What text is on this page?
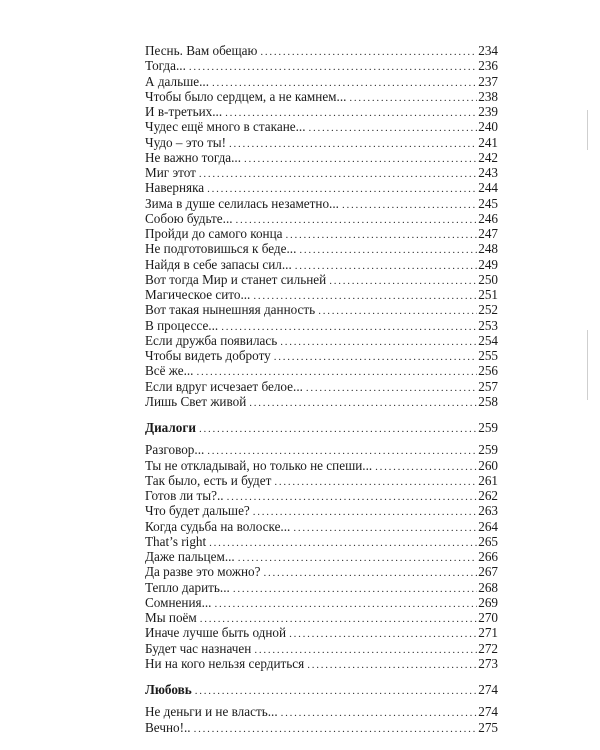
Песнь. Вам обещаю . . .	234
Тогда... . . .	236
А дальше... . . .	237
Чтобы было сердцем, а не камнем... . . .	238
И в-третьих... . . .	239
Чудес ещё много в стакане... . . .	240
Чудо – это ты! . . .	241
Не важно тогда... . . .	242
Миг этот . . .	243
Наверняка . . .	244
Зима в душе селилась незаметно... . . .	245
Собою будьте... . . .	246
Пройди до самого конца . . .	247
Не подготовишься к беде... . . .	248
Найдя в себе запасы сил... . . .	249
Вот тогда Мир и станет сильней . . .	250
Магическое сито... . . .	251
Вот такая нынешняя данность . . .	252
В процессе... . . .	253
Если дружба появилась . . .	254
Чтобы видеть доброту . . .	255
Всё же... . . .	256
Если вдруг исчезает белое... . . .	257
Лишь Свет живой . . .	258
Диалоги . . .	259
Разговор... . . .	259
Ты не откладывай, но только не спеши... . . .	260
Так было, есть и будет . . .	261
Готов ли ты?.. . . .	262
Что будет дальше? . . .	263
Когда судьба на волоске... . . .	264
That’s right . . .	265
Даже пальцем... . . .	266
Да разве это можно? . . .	267
Тепло дарить... . . .	268
Сомнения... . . .	269
Мы поём . . .	270
Иначе лучше быть одной . . .	271
Будет час назначен . . .	272
Ни на кого нельзя сердиться . . .	273
Любовь . . .	274
Не деньги и не власть... . . .	274
Вечно!.. . . .	275
